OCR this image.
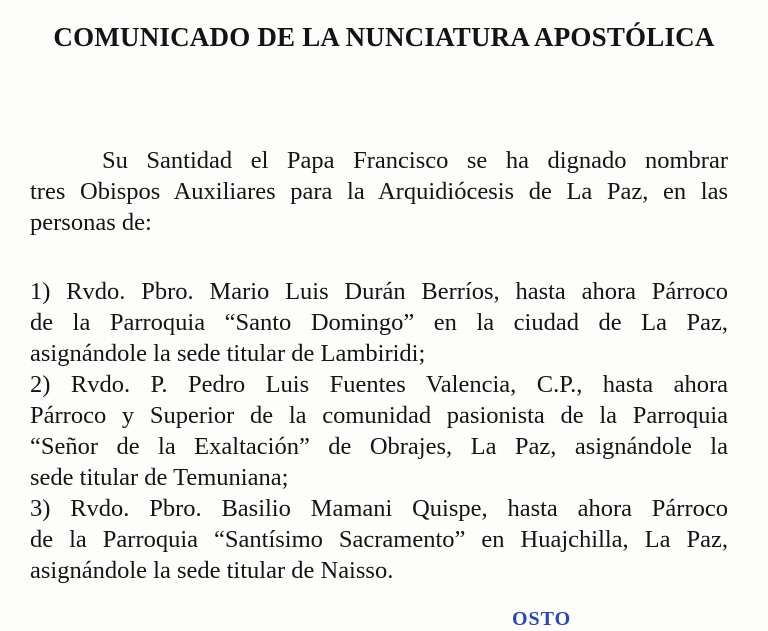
COMUNICADO DE LA NUNCIATURA APOSTÓLICA
Su Santidad el Papa Francisco se ha dignado nombrar
tres Obispos Auxiliares para la Arquidiócesis de La Paz, en las
personas de:
1) Rvdo. Pbro. Mario Luis Durán Berríos, hasta ahora Párroco
de la Parroquia “Santo Domingo” en la ciudad de La Paz,
asignándole la sede titular de Lambiridi;
2) Rvdo. P. Pedro Luis Fuentes Valencia, C.P., hasta ahora
Párroco y Superior de la comunidad pasionista de la Parroquia
“Señor de la Exaltación” de Obrajes, La Paz, asignándole la
sede titular de Temuniana;
3) Rvdo. Pbro. Basilio Mamani Quispe, hasta ahora Párroco
de la Parroquia “Santísimo Sacramento” en Huajchilla, La Paz,
asignándole la sede titular de Naisso.
OSTO
